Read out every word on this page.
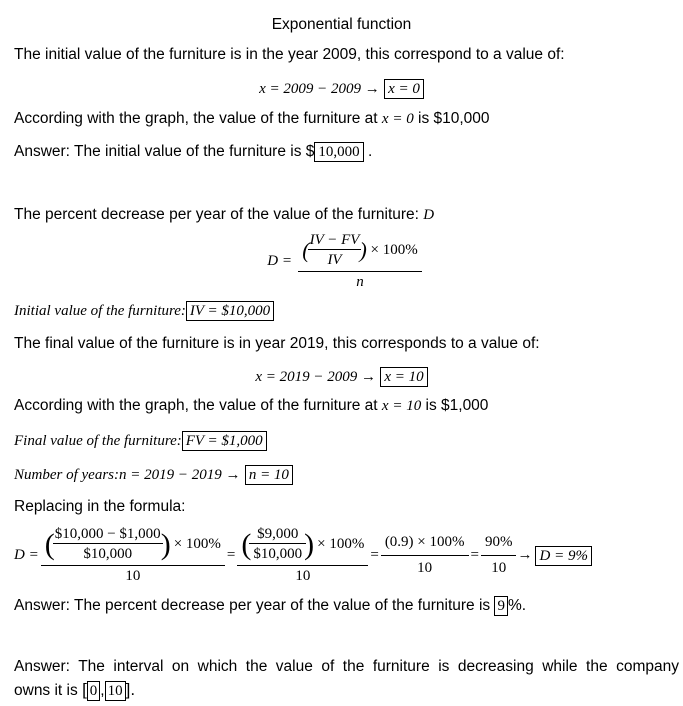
Exponential function
The initial value of the furniture is in the year 2009, this correspond to a value of:
x = 2009 − 2009 → x = 0
According with the graph, the value of the furniture at x = 0 is $10,000
Answer: The initial value of the furniture is $ 10,000 .
The percent decrease per year of the value of the furniture: D
$D = \frac{( \frac{IV - FV}{IV} ) \times 100\%}{n}$
Initial value of the furniture: IV = $10,000
The final value of the furniture is in year 2019, this corresponds to a value of:
x = 2019 − 2009 → x = 10
According with the graph, the value of the furniture at x = 10 is $1,000
Final value of the furniture: FV = $1,000
Number of years:n = 2019 − 2019 → n = 10
Replacing in the formula:
$D = \frac{( \frac{\$10,000 - \$1,000}{\$10,000} ) \times 100\%}{10} = \frac{( \frac{\$9,000}{\$10,000} ) \times 100\%}{10} = \frac{(0.9) \times 100\%}{10} = \frac{90\%}{10} \to D = 9\%$
Answer: The percent decrease per year of the value of the furniture is 9 %.
Answer: The interval on which the value of the furniture is decreasing while the company
owns it is [ 0 , 10 ].
